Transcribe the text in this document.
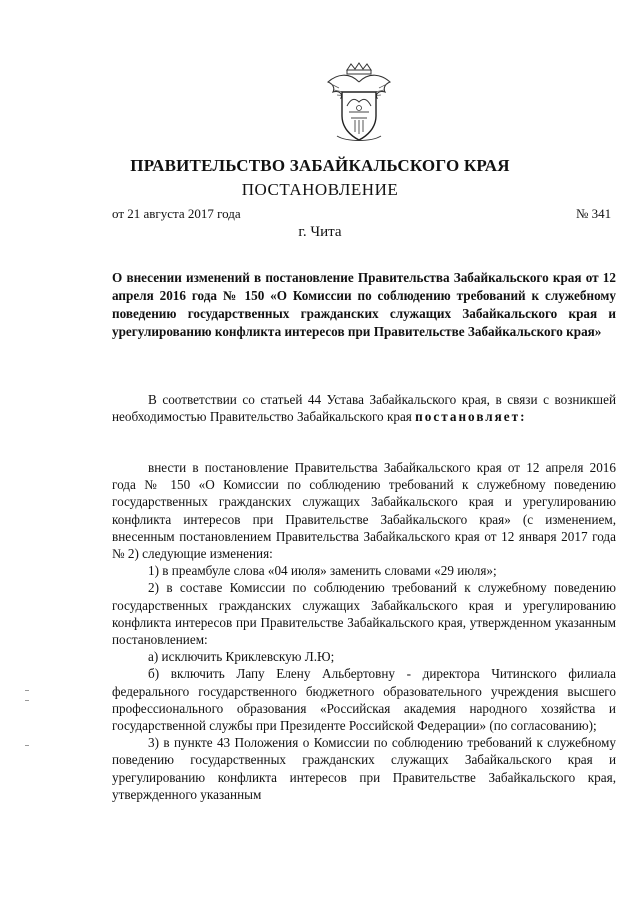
ПРАВИТЕЛЬСТВО ЗАБАЙКАЛЬСКОГО КРАЯ
ПОСТАНОВЛЕНИЕ
от 21 августа 2017 года	№ 341
г. Чита
О внесении изменений в постановление Правительства Забайкальского края от 12 апреля 2016 года № 150 «О Комиссии по соблюдению требований к служебному поведению государственных гражданских служащих Забайкальского края и урегулированию конфликта интересов при Правительстве Забайкальского края»

В соответствии со статьей 44 Устава Забайкальского края, в связи с возникшей необходимостью Правительство Забайкальского края постановляет:

внести в постановление Правительства Забайкальского края от 12 апреля 2016 года № 150 «О Комиссии по соблюдению требований к служебному поведению государственных гражданских служащих Забайкальского края и урегулированию конфликта интересов при Правительстве Забайкальского края» (с изменением, внесенным постановлением Правительства Забайкальского края от 12 января 2017 года № 2) следующие изменения:

1) в преамбуле слова «04 июля» заменить словами «29 июля»;

2) в составе Комиссии по соблюдению требований к служебному поведению государственных гражданских служащих Забайкальского края и урегулированию конфликта интересов при Правительстве Забайкальского края, утвержденном указанным постановлением:

а) исключить Криклевскую Л.Ю;

б) включить Лапу Елену Альбертовну - директора Читинского филиала федерального государственного бюджетного образовательного учреждения высшего профессионального образования «Российская академия народного хозяйства и государственной службы при Президенте Российской Федерации» (по согласованию);

3) в пункте 43 Положения о Комиссии по соблюдению требований к служебному поведению государственных гражданских служащих Забайкальского края и урегулированию конфликта интересов при Правительстве Забайкальского края, утвержденного указанным
